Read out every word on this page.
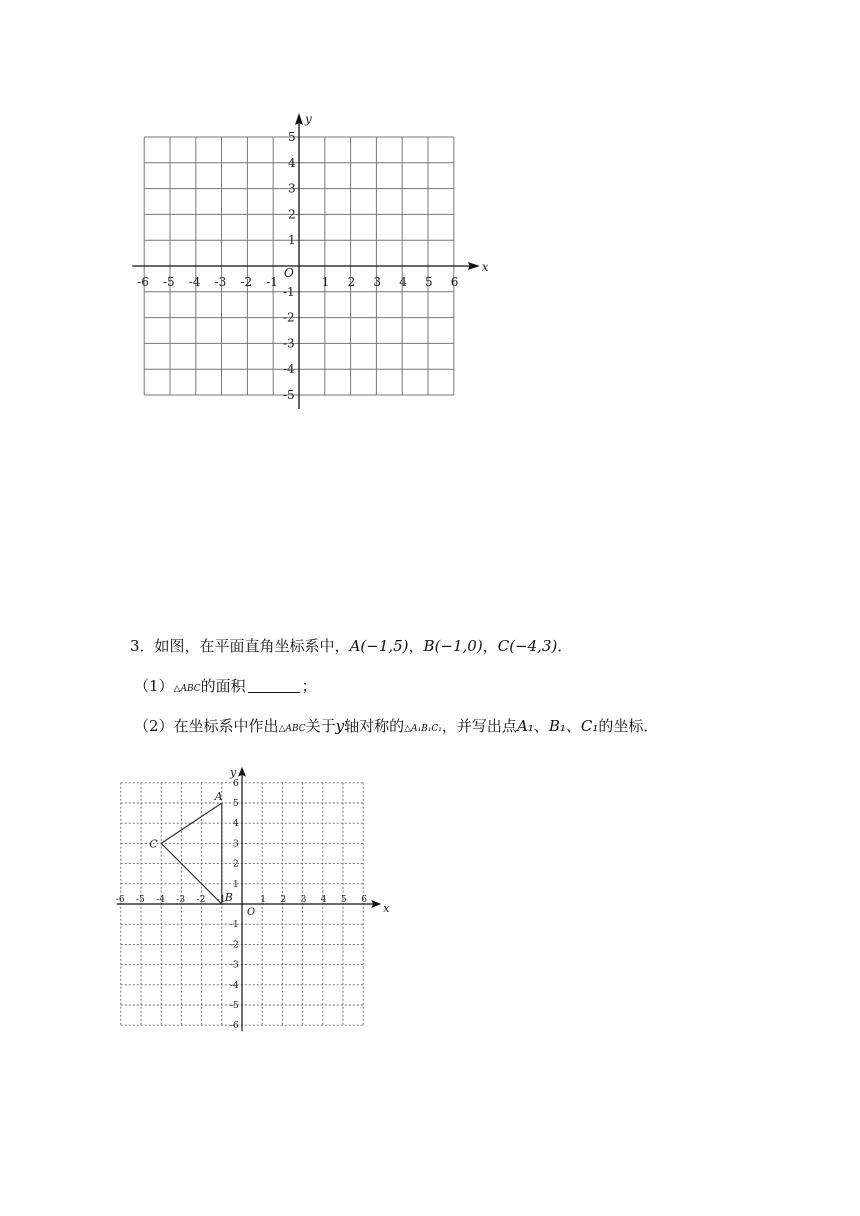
x
y
O
-6 -5 -4 -3 -2 -1	1 2 3 4 5 6
5
4
3
2
1
-1
-2
-3
-4
-5
3．如图，在平面直角坐标系中，A(−1,5)，B(−1,0)，C(−4,3)．
（1）△ABC的面积	；
（2）在坐标系中作出△ABC关于y轴对称的△A₁B₁C₁，并写出点A₁、B₁、C₁的坐标．
x
y
O
-6 -5 -4 -3 -2 -1	1 2 3 4 5 6
6
5
4
3
2
1
-1
-2
-3
-4
-5
-6
A
B
C
